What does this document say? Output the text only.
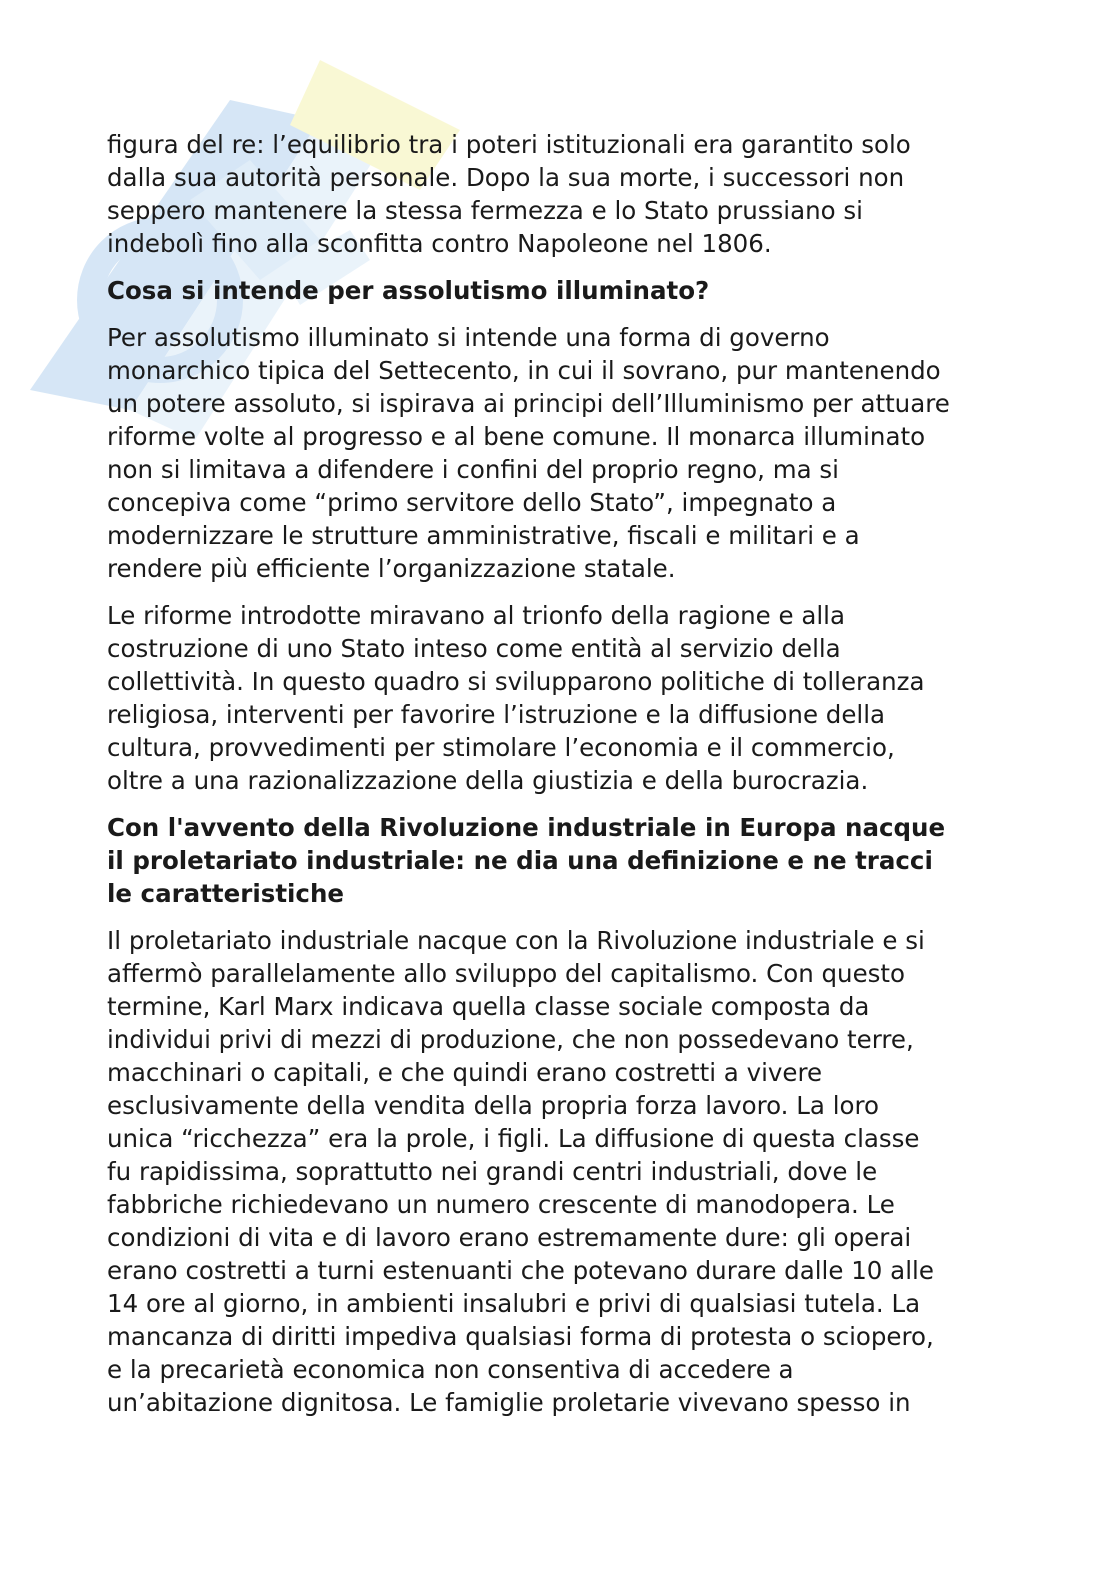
figura del re: l’equilibrio tra i poteri istituzionali era garantito solo
dalla sua autorità personale. Dopo la sua morte, i successori non
seppero mantenere la stessa fermezza e lo Stato prussiano si
indebolì fino alla sconfitta contro Napoleone nel 1806.

Cosa si intende per assolutismo illuminato?

Per assolutismo illuminato si intende una forma di governo
monarchico tipica del Settecento, in cui il sovrano, pur mantenendo
un potere assoluto, si ispirava ai principi dell’Illuminismo per attuare
riforme volte al progresso e al bene comune. Il monarca illuminato
non si limitava a difendere i confini del proprio regno, ma si
concepiva come “primo servitore dello Stato”, impegnato a
modernizzare le strutture amministrative, fiscali e militari e a
rendere più efficiente l’organizzazione statale.

Le riforme introdotte miravano al trionfo della ragione e alla
costruzione di uno Stato inteso come entità al servizio della
collettività. In questo quadro si svilupparono politiche di tolleranza
religiosa, interventi per favorire l’istruzione e la diffusione della
cultura, provvedimenti per stimolare l’economia e il commercio,
oltre a una razionalizzazione della giustizia e della burocrazia.

Con l'avvento della Rivoluzione industriale in Europa nacque
il proletariato industriale: ne dia una definizione e ne tracci
le caratteristiche

Il proletariato industriale nacque con la Rivoluzione industriale e si
affermò parallelamente allo sviluppo del capitalismo. Con questo
termine, Karl Marx indicava quella classe sociale composta da
individui privi di mezzi di produzione, che non possedevano terre,
macchinari o capitali, e che quindi erano costretti a vivere
esclusivamente della vendita della propria forza lavoro. La loro
unica “ricchezza” era la prole, i figli. La diffusione di questa classe
fu rapidissima, soprattutto nei grandi centri industriali, dove le
fabbriche richiedevano un numero crescente di manodopera. Le
condizioni di vita e di lavoro erano estremamente dure: gli operai
erano costretti a turni estenuanti che potevano durare dalle 10 alle
14 ore al giorno, in ambienti insalubri e privi di qualsiasi tutela. La
mancanza di diritti impediva qualsiasi forma di protesta o sciopero,
e la precarietà economica non consentiva di accedere a
un’abitazione dignitosa. Le famiglie proletarie vivevano spesso in
